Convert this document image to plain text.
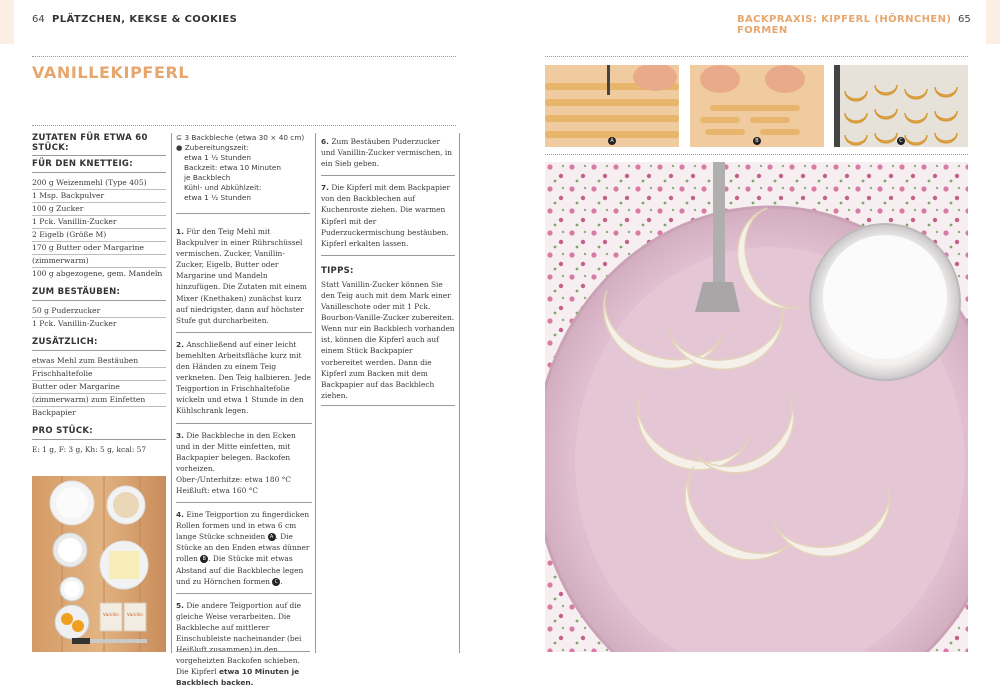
64 PLÄTZCHEN, KEKSE & COOKIES	BACKPRAXIS: KIPFERL (HÖRNCHEN) FORMEN
65
VANILLEKIPFERL
ZUTATEN FÜR ETWA 60 STÜCK:
FÜR DEN KNETTEIG:
200 g Weizenmehl (Type 405)
1 Msp. Backpulver
100 g Zucker
1 Pck. Vanillin-Zucker
2 Eigelb (Größe M)
170 g Butter oder Margarine
(zimmerwarm)
100 g abgezogene, gem. Mandeln
ZUM BESTÄUBEN:
50 g Puderzucker
1 Pck. Vanillin-Zucker
ZUSÄTZLICH:
etwas Mehl zum Bestäuben
Frischhaltefolie
Butter oder Margarine
(zimmerwarm) zum Einfetten
Backpapier
PRO STÜCK:
E: 1 g, F: 3 g, Kh: 5 g, kcal: 57
Vanillin Vanillin
⊆ 3 Backbleche (etwa 30 × 40 cm)
● Zubereitungszeit:
etwa 1 ½ Stunden
Backzeit: etwa 10 Minuten
je Backblech
Kühl- und Abkühlzeit:
etwa 1 ½ Stunden
1. Für den Teig Mehl mit Backpulver in einer Rührschüssel vermischen. Zucker, Vanillin-Zucker, Eigelb, Butter oder Margarine und Mandeln hinzufügen. Die Zutaten mit einem Mixer (Knethaken) zunächst kurz auf niedrigster, dann auf höchster Stufe gut durcharbeiten.
2. Anschließend auf einer leicht bemehlten Arbeitsfläche kurz mit den Händen zu einem Teig verkneten. Den Teig halbieren. Jede Teigportion in Frischhaltefolie wickeln und etwa 1 Stunde in den Kühlschrank legen.
3. Die Backbleche in den Ecken und in der Mitte einfetten, mit Backpapier belegen. Backofen vorheizen.
Ober-/Unterhitze: etwa 180 °C
Heißluft: etwa 160 °C
4. Eine Teigportion zu fingerdicken Rollen formen und in etwa 6 cm lange Stücke schneiden A . Die Stücke an den Enden etwas dünner rollen B . Die Stücke mit etwas Abstand auf die Backbleche legen und zu Hörnchen formen C .
5. Die andere Teigportion auf die gleiche Weise verarbeiten. Die Backbleche auf mittlerer Einschubleiste nacheinander (bei Heißluft zusammen) in den vorgeheizten Backofen schieben. Die Kipferl etwa 10 Minuten je Backblech backen.
6. Zum Bestäuben Puderzucker und Vanillin-Zucker vermischen, in ein Sieb geben.
7. Die Kipferl mit dem Backpapier von den Backblechen auf Kuchenroste ziehen. Die warmen Kipferl mit der Puderzuckermischung bestäuben. Kipferl erkalten lassen.
TIPPS:
Statt Vanillin-Zucker können Sie den Teig auch mit dem Mark einer Vanilleschote oder mit 1 Pck. Bourbon-Vanille-Zucker zubereiten.
Wenn nur ein Backblech vorhanden ist, können die Kipferl auch auf einem Stück Backpapier vorbereitet werden. Dann die Kipferl zum Backen mit dem Backpapier auf das Backblech ziehen.
A	B	C
